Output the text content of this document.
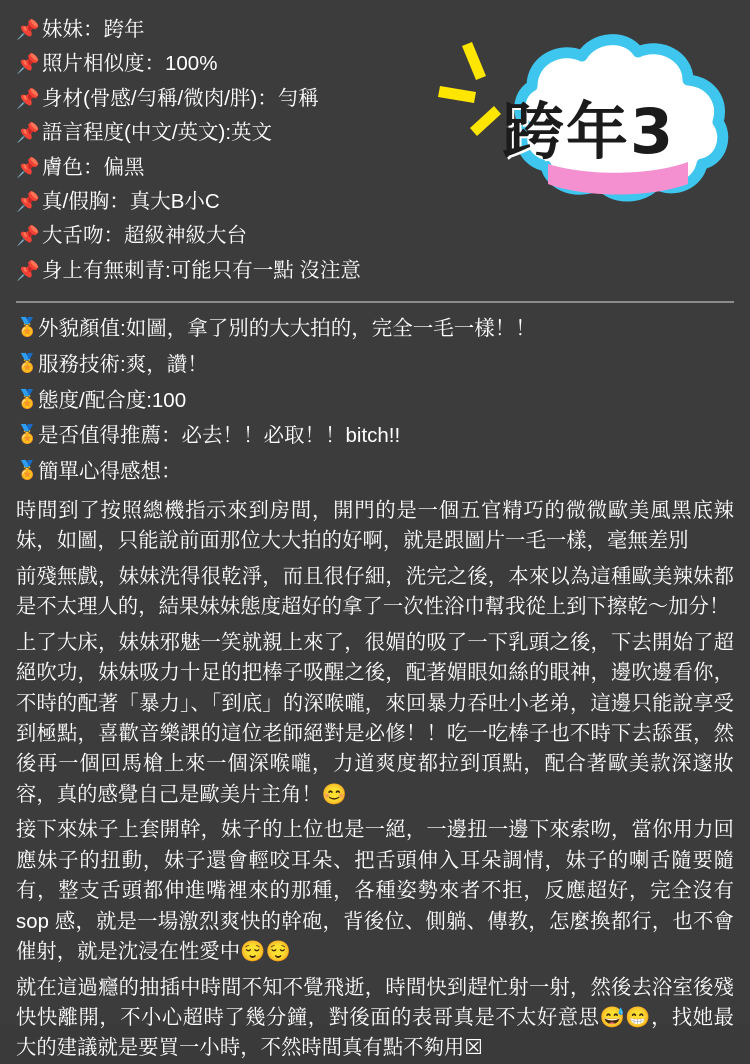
跨年3
📌 妹妹：跨年
📌 照片相似度：100%
📌 身材(骨感/勻稱/微肉/胖)：勻稱
📌 語言程度(中文/英文):英文
📌 膚色：偏黑
📌 真/假胸：真大B小C
📌 大舌吻：超級神級大台
📌 身上有無刺青:可能只有一點 沒注意
🏅 外貌顏值:如圖，拿了別的大大拍的，完全一毛一樣！！
🏅 服務技術:爽，讚！
🏅 態度/配合度:100
🏅 是否值得推薦：必去！！必取！！bitch!!
🏅 簡單心得感想：

時間到了按照總機指示來到房間，開門的是一個五官精巧的微微歐美風黑底辣妹，如圖，只能說前面那位大大拍的好啊，就是跟圖片一毛一樣，毫無差別

前殘無戲，妹妹洗得很乾淨，而且很仔細，洗完之後，本來以為這種歐美辣妹都是不太理人的，結果妹妹態度超好的拿了一次性浴巾幫我從上到下擦乾〜加分！

上了大床，妹妹邪魅一笑就親上來了，很媚的吸了一下乳頭之後，下去開始了超絕吹功，妹妹吸力十足的把棒子吸醒之後，配著媚眼如絲的眼神，邊吹邊看你，不時的配著「暴力」、「到底」的深喉嚨，來回暴力吞吐小老弟，這邊只能說享受到極點，喜歡音樂課的這位老師絕對是必修！！吃一吃棒子也不時下去舔蛋，然後再一個回馬槍上來一個深喉嚨，力道爽度都拉到頂點，配合著歐美款深邃妝容，真的感覺自己是歐美片主角！😊

接下來妹子上套開幹，妹子的上位也是一絕，一邊扭一邊下來索吻，當你用力回應妹子的扭動，妹子還會輕咬耳朵、把舌頭伸入耳朵調情，妹子的喇舌隨要隨有，整支舌頭都伸進嘴裡來的那種，各種姿勢來者不拒，反應超好，完全沒有sop 感，就是一場激烈爽快的幹砲，背後位、側躺、傳教，怎麼換都行，也不會催射，就是沈浸在性愛中😌😌

就在這過癮的抽插中時間不知不覺飛逝，時間快到趕忙射一射，然後去浴室後殘快快離開，不小心超時了幾分鐘，對後面的表哥真是不太好意思😅😁，找她最大的建議就是要買一小時，不然時間真有點不夠用☒
